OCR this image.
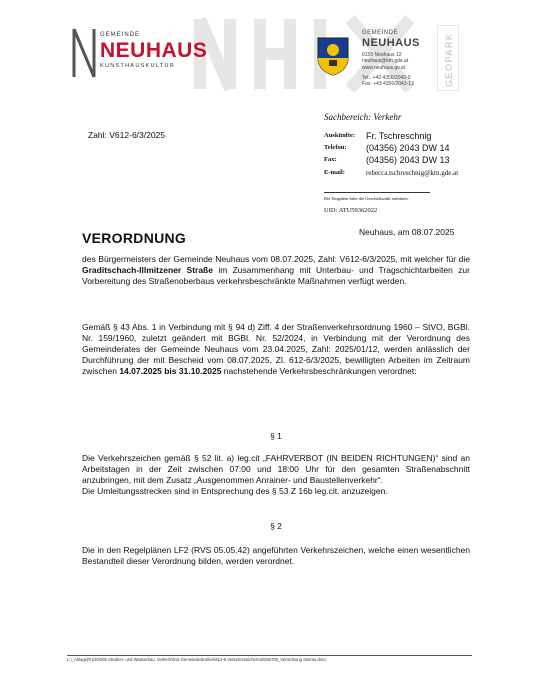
GEMEINDE
NEUHAUS
KUNSTHAUSKULTUR
GEMEINDE
NEUHAUS
9155 Neuhaus 12
neuhaus@ktn.gde.at
www.neuhaus.gv.at
Tel.: +43 4356/2043-0
Fax: +43 4356/2043-13	GEOPARK
Sachbereich: Verkehr
Auskünfte: Fr. Tschreschnig
Telefon: (04356) 2043 DW 14
Fax:	(04356) 2043 DW 13
E-mail:	rebecca.tschreschnig@ktn.gde.at
Bei Eingaben bitte die Geschäftszahl anführen.
UID: ATU59362022
Zahl: V612-6/3/2025
VERORDNUNG	Neuhaus, am 08.07.2025

des Bürgermeisters der Gemeinde Neuhaus vom 08.07.2025, Zahl: V612-6/3/2025, mit welcher für die Graditschach-Illmitzener Straße im Zusammenhang mit Unterbau- und Tragschichtarbeiten zur Vorbereitung des Straßenoberbaus verkehrsbeschränkte Maßnahmen verfügt werden.

Gemäß § 43 Abs. 1 in Verbindung mit § 94 d) Ziff. 4 der Straßenverkehrsordnung 1960 – StVO, BGBl. Nr. 159/1960, zuletzt geändert mit BGBl. Nr. 52/2024, in Verbindung mit der Verordnung des Gemeinderates der Gemeinde Neuhaus vom 23.04.2025, Zahl: 2025/01/12, werden anlässlich der Durchführung der mit Bescheid vom 08.07.2025, Zl. 612-6/3/2025, bewilligten Arbeiten im Zeitraum zwischen 14.07.2025 bis 31.10.2025 nachstehende Verkehrsbeschränkungen verordnet:

§ 1

Die Verkehrszeichen gemäß § 52 lit. a) leg.cit „FAHRVERBOT (IN BEIDEN RICHTUNGEN)“ sind an Arbeitstagen in der Zeit zwischen 07:00 und 18:00 Uhr für den gesamten Straßenabschnitt anzubringen, mit dem Zusatz „Ausgenommen Anrainer- und Baustellenverkehr“.

Die Umleitungsstrecken sind in Entsprechung des § 53 Z 16b leg.cit. anzuzeigen.

§ 2
Die in den Regelplänen LF2 (RVS 05.05.42) angeführten Verkehrszeichen, welche einen wesentlichen Bestandteil dieser Verordnung bilden, werden verordnet.
L:\_Ablage(R)\20\006 Straßen- und Wasserbau, Verkehr\612 Gemeindestraßen\612-6 Verkehrszeichen\20250708_Verordnung Steiner.docx
